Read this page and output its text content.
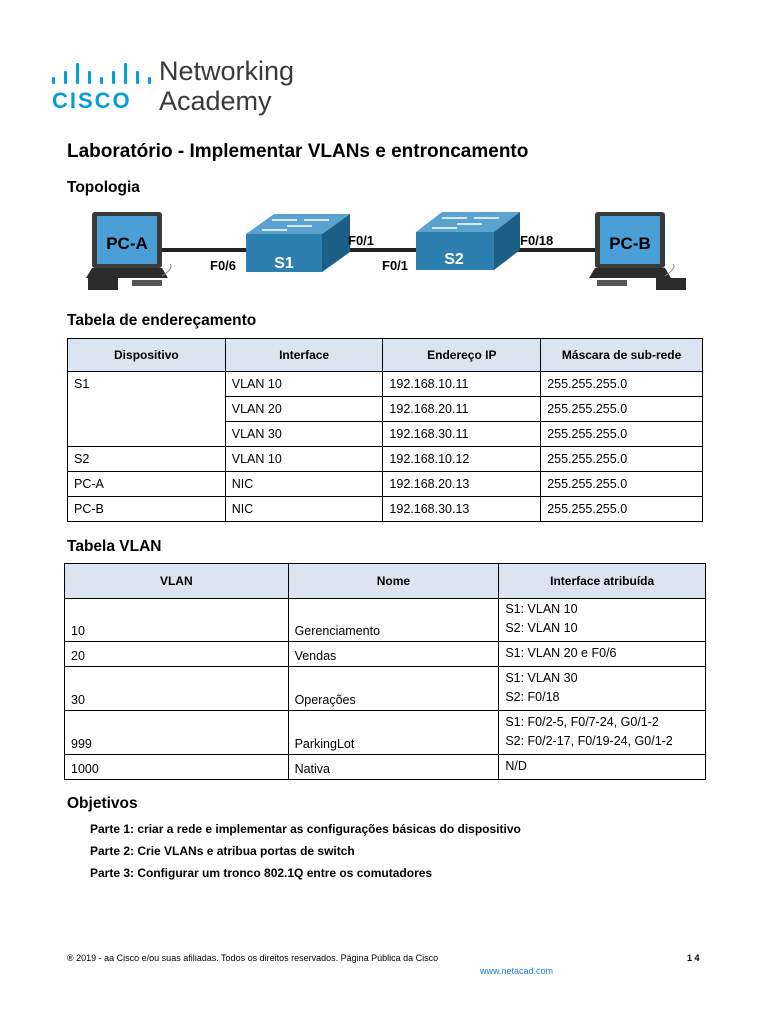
CISCO
Networking
Academy
Laboratório - Implementar VLANs e entroncamento
Topologia
PC-A
S1	S2
PC-B
F0/6
F0/1
F0/1
F0/18
Tabela de endereçamento
Dispositivo	Interface	Endereço IP	Máscara de sub-rede
S1	VLAN 10	192.168.10.11	255.255.255.0
	VLAN 20	192.168.20.11	255.255.255.0
	VLAN 30	192.168.30.11	255.255.255.0
S2	VLAN 10	192.168.10.12	255.255.255.0
PC-A	NIC	192.168.20.13	255.255.255.0
PC-B	NIC	192.168.30.13	255.255.255.0
Tabela VLAN
VLAN	Nome	Interface atribuída
10	Gerenciamento	S1: VLAN 10
S2: VLAN 10

20	Vendas	S1: VLAN 20 e F0/6

30	Operações	S1: VLAN 30
S2: F0/18

999	ParkingLot	S1: F0/2-5, F0/7-24, G0/1-2
S2: F0/2-17, F0/19-24, G0/1-2

1000	Nativa	N/D
Objetivos
Parte 1: criar a rede e implementar as configurações básicas do dispositivo
Parte 2: Crie VLANs e atribua portas de switch
Parte 3: Configurar um tronco 802.1Q entre os comutadores
® 2019 - aa Cisco e/ou suas afiliadas. Todos os direitos reservados. Página Pública da Cisco	1 4
www.netacad.com
